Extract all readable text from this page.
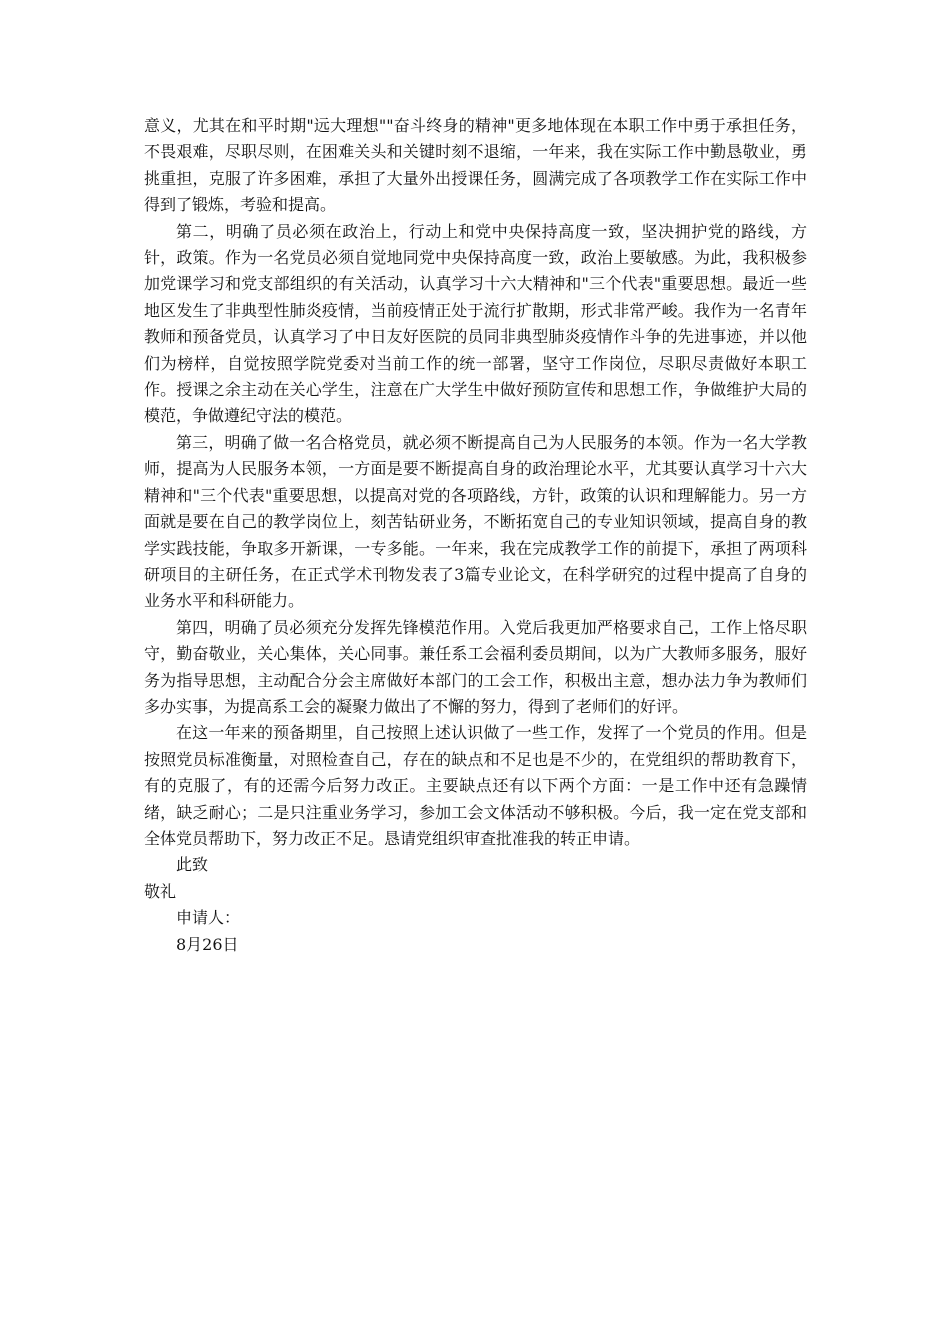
意义，尤其在和平时期"远大理想""奋斗终身的精神"更多地体现在本职工作中勇于承担任务，不畏艰难，尽职尽则，在困难关头和关键时刻不退缩，一年来，我在实际工作中勤恳敬业，勇挑重担，克服了许多困难，承担了大量外出授课任务，圆满完成了各项教学工作在实际工作中得到了锻炼，考验和提高。

第二，明确了员必须在政治上，行动上和党中央保持高度一致，坚决拥护党的路线，方针，政策。作为一名党员必须自觉地同党中央保持高度一致，政治上要敏感。为此，我积极参加党课学习和党支部组织的有关活动，认真学习十六大精神和"三个代表"重要思想。最近一些地区发生了非典型性肺炎疫情，当前疫情正处于流行扩散期，形式非常严峻。我作为一名青年教师和预备党员，认真学习了中日友好医院的员同非典型肺炎疫情作斗争的先进事迹，并以他们为榜样，自觉按照学院党委对当前工作的统一部署，坚守工作岗位，尽职尽责做好本职工作。授课之余主动在关心学生，注意在广大学生中做好预防宣传和思想工作，争做维护大局的模范，争做遵纪守法的模范。

第三，明确了做一名合格党员，就必须不断提高自己为人民服务的本领。作为一名大学教师，提高为人民服务本领，一方面是要不断提高自身的政治理论水平，尤其要认真学习十六大精神和"三个代表"重要思想，以提高对党的各项路线，方针，政策的认识和理解能力。另一方面就是要在自己的教学岗位上，刻苦钻研业务，不断拓宽自己的专业知识领域，提高自身的教学实践技能，争取多开新课，一专多能。一年来，我在完成教学工作的前提下，承担了两项科研项目的主研任务，在正式学术刊物发表了3篇专业论文，在科学研究的过程中提高了自身的业务水平和科研能力。

第四，明确了员必须充分发挥先锋模范作用。入党后我更加严格要求自己，工作上恪尽职守，勤奋敬业，关心集体，关心同事。兼任系工会福利委员期间，以为广大教师多服务，服好务为指导思想，主动配合分会主席做好本部门的工会工作，积极出主意，想办法力争为教师们多办实事，为提高系工会的凝聚力做出了不懈的努力，得到了老师们的好评。

在这一年来的预备期里，自己按照上述认识做了一些工作，发挥了一个党员的作用。但是按照党员标准衡量，对照检查自己，存在的缺点和不足也是不少的，在党组织的帮助教育下，有的克服了，有的还需今后努力改正。主要缺点还有以下两个方面：一是工作中还有急躁情绪，缺乏耐心；二是只注重业务学习，参加工会文体活动不够积极。今后，我一定在党支部和全体党员帮助下，努力改正不足。恳请党组织审查批准我的转正申请。

此致

敬礼

申请人：

8月26日
